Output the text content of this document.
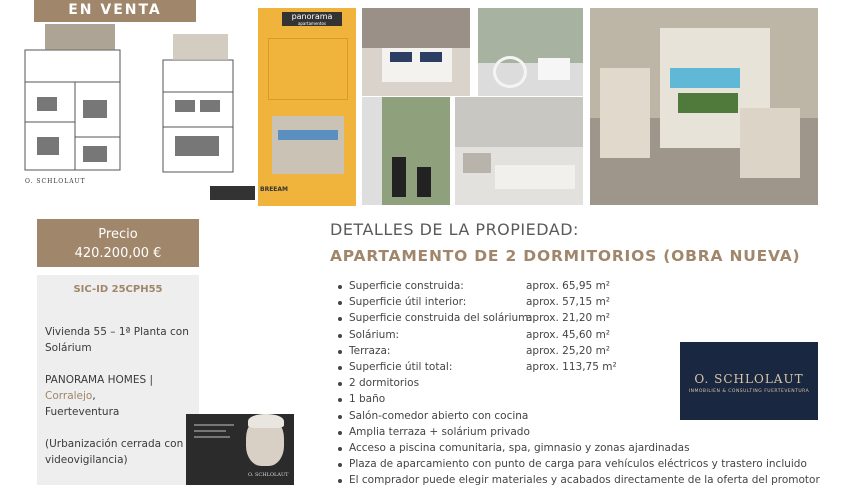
EN VENTA
O. SCHLOLAUT
panorama
apartamentos
BREEAM
Precio
420.200,00 €
SIC-ID 25CPH55

Vivienda 55 – 1ª Planta con Solárium

PANORAMA HOMES | Corralejo,
Fuerteventura

(Urbanización cerrada con videovigilancia)

O. SCHLOLAUT
DETALLES DE LA PROPIEDAD:
APARTAMENTO DE 2 DORMITORIOS (OBRA NUEVA)
Superficie construida:	aprox. 65,95 m²
Superficie útil interior:	aprox. 57,15 m²
Superficie construida del solárium:
aprox. 21,20 m²
Solárium:	aprox. 45,60 m²
Terraza:	aprox. 25,20 m²
Superficie útil total:	aprox. 113,75 m²
2 dormitorios
1 baño
Salón-comedor abierto con cocina
Amplia terraza + solárium privado
Acceso a piscina comunitaria, spa, gimnasio y zonas ajardinadas
Plaza de aparcamiento con punto de carga para vehículos eléctricos y trastero incluido
El comprador puede elegir materiales y acabados directamente de la oferta del promotor
O. SCHLOLAUT
INMOBILIEN & CONSULTING FUERTEVENTURA
